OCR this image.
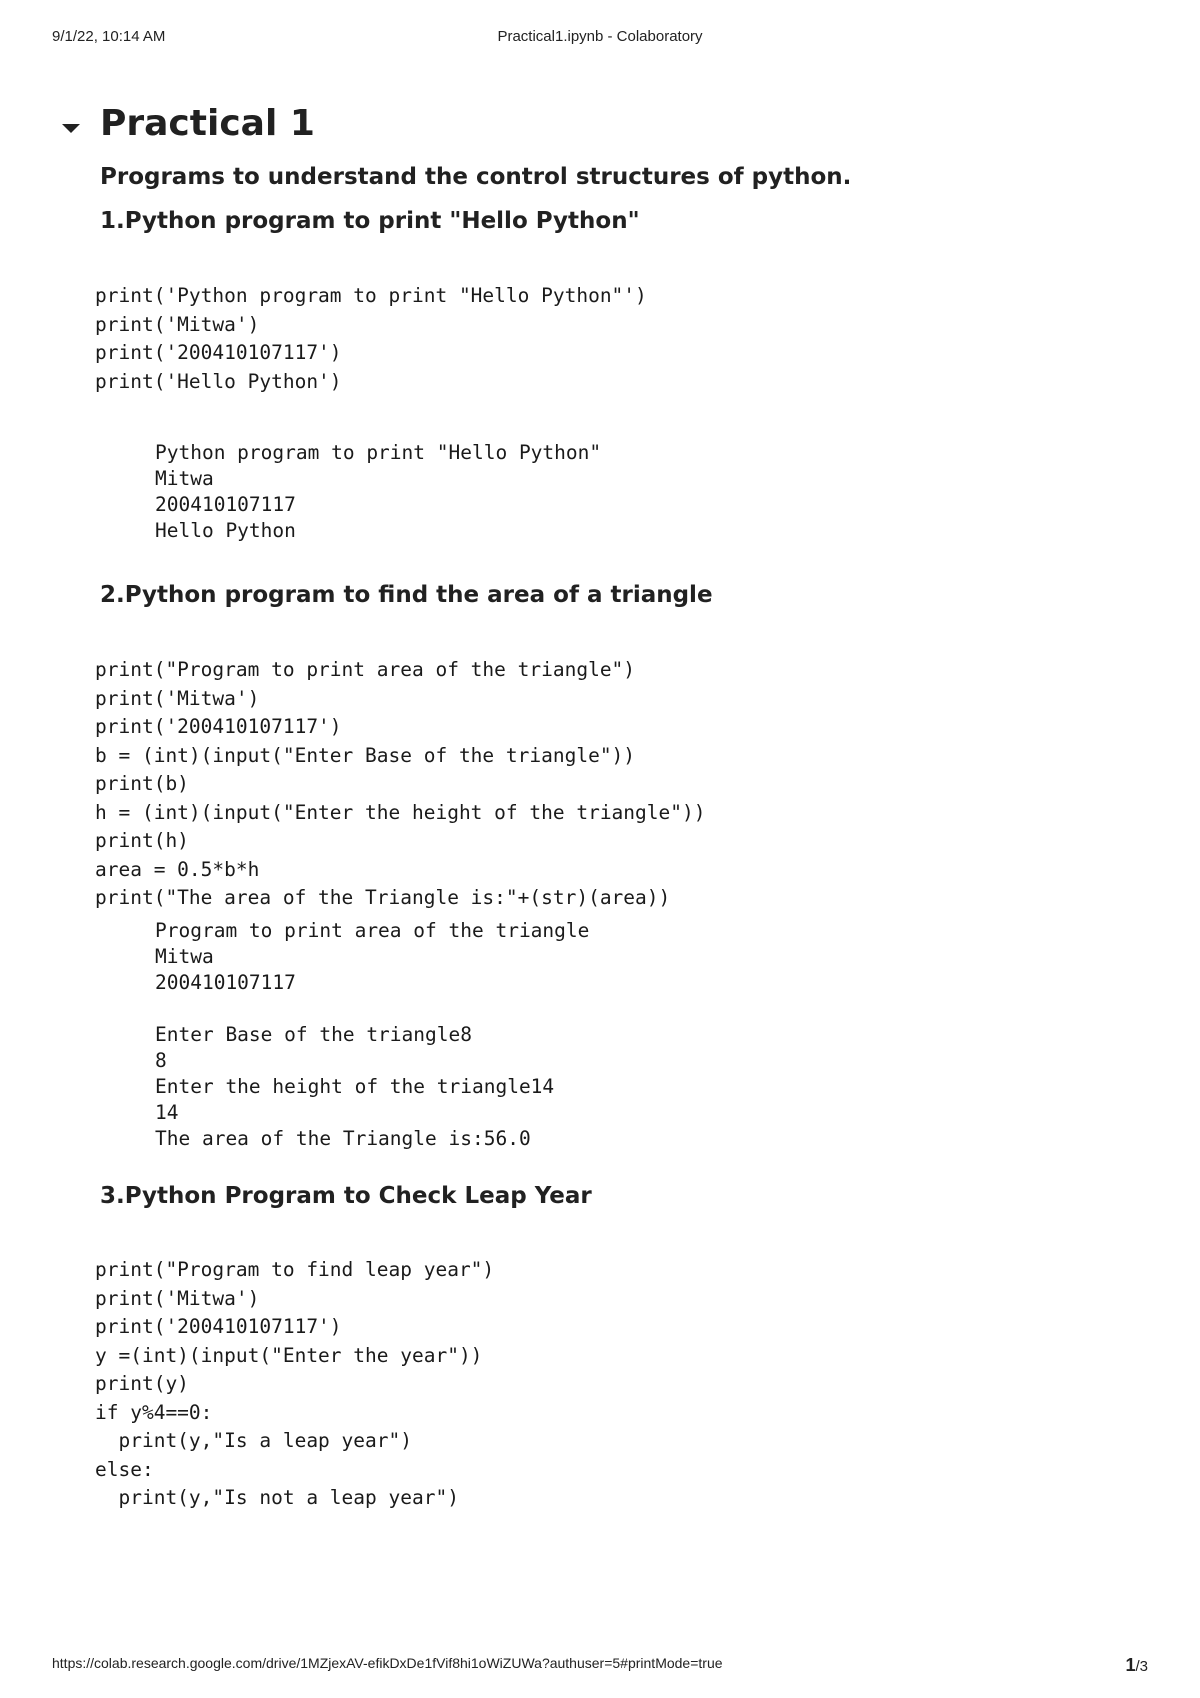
9/1/22, 10:14 AM	Practical1.ipynb - Colaboratory
Practical 1
Programs to understand the control structures of python.
1.Python program to print "Hello Python"
print('Python program to print "Hello Python"')
print('Mitwa')
print('200410107117')
print('Hello Python')
Python program to print "Hello Python"
Mitwa
200410107117
Hello Python
2.Python program to find the area of a triangle
print("Program to print area of the triangle")
print('Mitwa')
print('200410107117')
b = (int)(input("Enter Base of the triangle"))
print(b)
h = (int)(input("Enter the height of the triangle"))
print(h)
area = 0.5*b*h
print("The area of the Triangle is:"+(str)(area))
Program to print area of the triangle
Mitwa
200410107117
Enter Base of the triangle8
8
Enter the height of the triangle14
14
The area of the Triangle is:56.0
3.Python Program to Check Leap Year
print("Program to find leap year")
print('Mitwa')
print('200410107117')
y =(int)(input("Enter the year"))
print(y)
if y%4==0:
print(y,"Is a leap year")
else:
print(y,"Is not a leap year")
https://colab.research.google.com/drive/1MZjexAV-efikDxDe1fVif8hi1oWiZUWa?authuser=5#printMode=true	1/3
